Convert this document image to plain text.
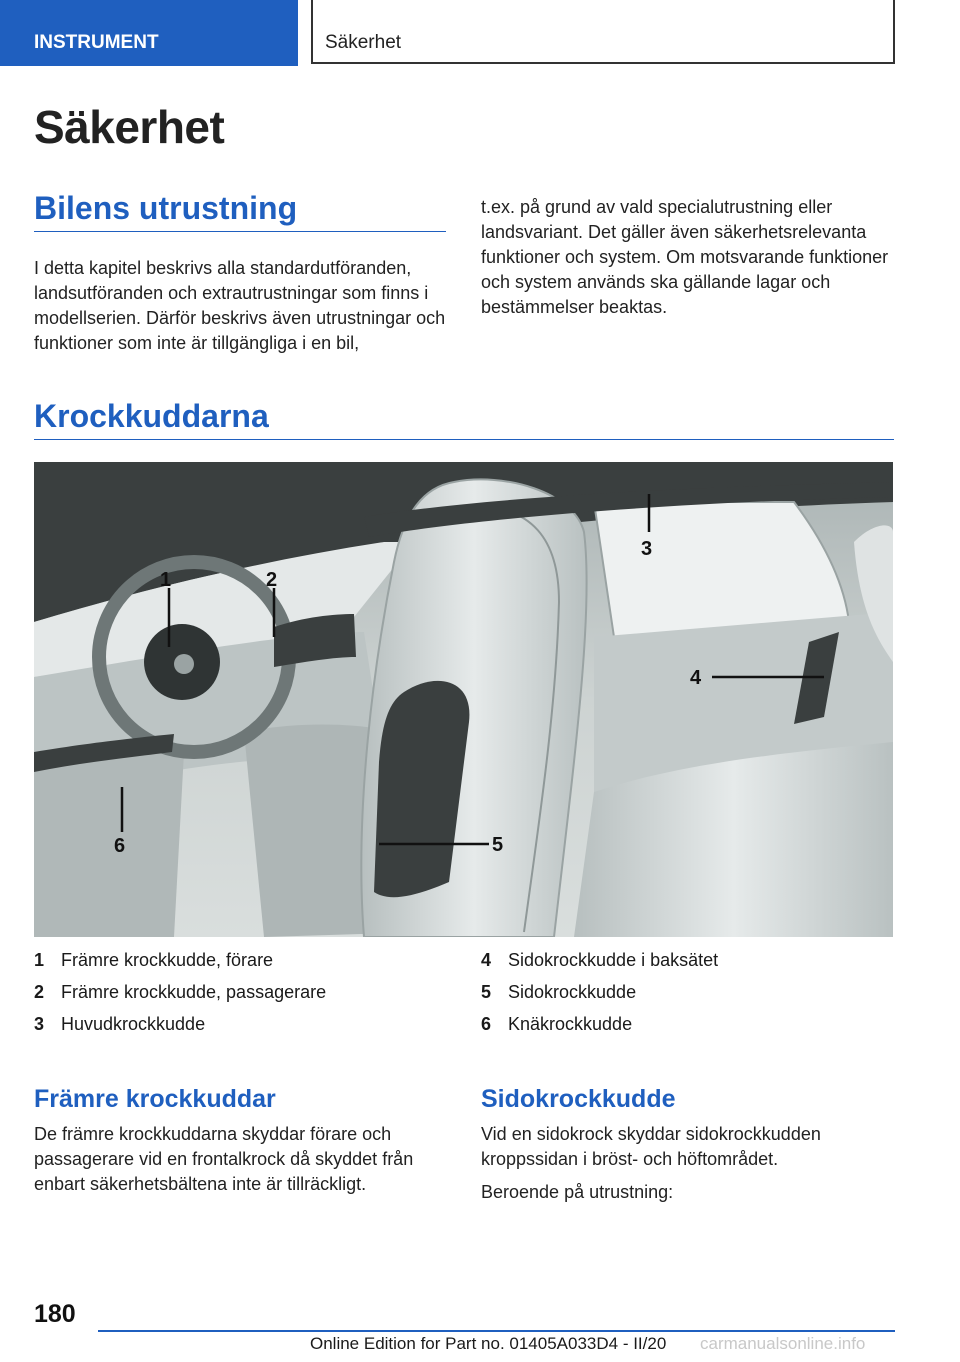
INSTRUMENT	Säkerhet
Säkerhet
Bilens utrustning

I detta kapitel beskrivs alla standardutföranden, landsutföranden och extrautrustningar som finns i modellserien. Därför beskrivs även utrustningar och funktioner som inte är tillgängliga i en bil,

t.ex. på grund av vald specialutrustning eller landsvariant. Det gäller även säkerhetsrelevanta funktioner och system. Om motsvarande funktioner och system används ska gällande lagar och bestämmelser beaktas.

Krockkuddarna
1	2
3
4
5
6
1 Främre krockkudde, förare
2 Främre krockkudde, passagerare
3 Huvudkrockkudde
4 Sidokrockkudde i baksätet
5 Sidokrockkudde
6 Knäkrockkudde
Främre krockkuddar

De främre krockkuddarna skyddar förare och passagerare vid en frontalkrock då skyddet från enbart säkerhetsbältena inte är tillräckligt.

Sidokrockkudde

Vid en sidokrock skyddar sidokrockkudden kroppssidan i bröst- och höftområdet.

Beroende på utrustning:

180
Online Edition for Part no. 01405A033D4 - II/20 carmanualsonline.info
